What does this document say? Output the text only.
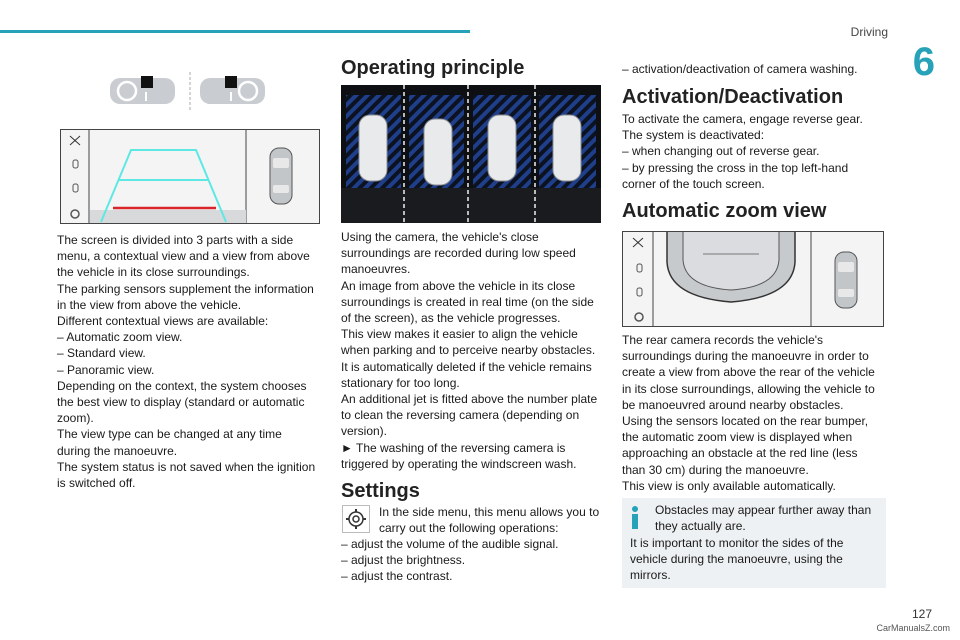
Driving
6
The screen is divided into 3 parts with a side
menu, a contextual view and a view from above
the vehicle in its close surroundings.
The parking sensors supplement the information
in the view from above the vehicle.
Different contextual views are available:
– Automatic zoom view.
– Standard view.
– Panoramic view.
Depending on the context, the system chooses
the best view to display (standard or automatic
zoom).
The view type can be changed at any time
during the manoeuvre.
The system status is not saved when the ignition
is switched off.
Operating principle
Using the camera, the vehicle's close
surroundings are recorded during low speed
manoeuvres.
An image from above the vehicle in its close
surroundings is created in real time (on the side
of the screen), as the vehicle progresses.
This view makes it easier to align the vehicle
when parking and to perceive nearby obstacles.
It is automatically deleted if the vehicle remains
stationary for too long.
An additional jet is fitted above the number plate
to clean the reversing camera (depending on
version).
► The washing of the reversing camera is
triggered by operating the windscreen wash.
Settings
In the side menu, this menu allows you to
carry out the following operations:
– adjust the volume of the audible signal.
– adjust the brightness.
– adjust the contrast.
– activation/deactivation of camera washing.
Activation/Deactivation
To activate the camera, engage reverse gear.
The system is deactivated:
– when changing out of reverse gear.
– by pressing the cross in the top left-hand
corner of the touch screen.
Automatic zoom view
The rear camera records the vehicle's
surroundings during the manoeuvre in order to
create a view from above the rear of the vehicle
in its close surroundings, allowing the vehicle to
be manoeuvred around nearby obstacles.
Using the sensors located on the rear bumper,
the automatic zoom view is displayed when
approaching an obstacle at the red line (less
than 30 cm) during the manoeuvre.
This view is only available automatically.
Obstacles may appear further away than
they actually are.
It is important to monitor the sides of the
vehicle during the manoeuvre, using the
mirrors.
127
CarManualsZ.com
